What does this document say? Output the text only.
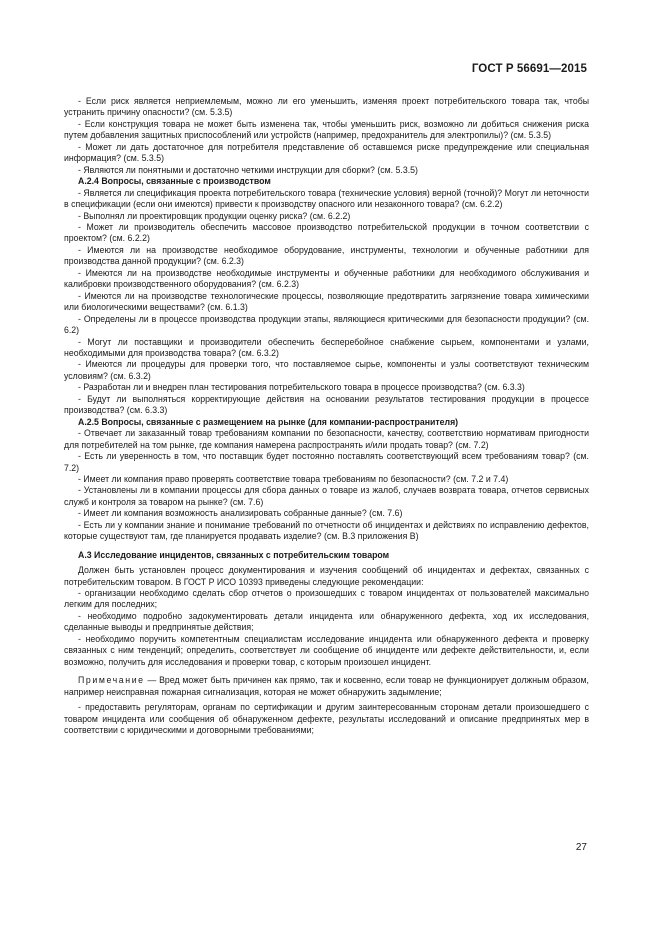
ГОСТ Р 56691—2015

- Если риск является неприемлемым, можно ли его уменьшить, изменяя проект потребительского товара так, чтобы устранить причину опасности? (см. 5.3.5)

- Если конструкция товара не может быть изменена так, чтобы уменьшить риск, возможно ли добиться снижения риска путем добавления защитных приспособлений или устройств (например, предохранитель для электропилы)? (см. 5.3.5)

- Может ли дать достаточное для потребителя представление об оставшемся риске предупреждение или специальная информация? (см. 5.3.5)

- Являются ли понятными и достаточно четкими инструкции для сборки? (см. 5.3.5)

А.2.4 Вопросы, связанные с производством

- Является ли спецификация проекта потребительского товара (технические условия) верной (точной)? Могут ли неточности в спецификации (если они имеются) привести к производству опасного или незаконного товара? (см. 6.2.2)

- Выполнял ли проектировщик продукции оценку риска? (см. 6.2.2)

- Может ли производитель обеспечить массовое производство потребительской продукции в точном соответствии с проектом? (см. 6.2.2)

- Имеются ли на производстве необходимое оборудование, инструменты, технологии и обученные работники для производства данной продукции? (см. 6.2.3)

- Имеются ли на производстве необходимые инструменты и обученные работники для необходимого обслуживания и калибровки производственного оборудования? (см. 6.2.3)

- Имеются ли на производстве технологические процессы, позволяющие предотвратить загрязнение товара химическими или биологическими веществами? (см. 6.1.3)

- Определены ли в процессе производства продукции этапы, являющиеся критическими для безопасности продукции? (см. 6.2)

- Могут ли поставщики и производители обеспечить бесперебойное снабжение сырьем, компонентами и узлами, необходимыми для производства товара? (см. 6.3.2)

- Имеются ли процедуры для проверки того, что поставляемое сырье, компоненты и узлы соответствуют техническим условиям? (см. 6.3.2)

- Разработан ли и внедрен план тестирования потребительского товара в процессе производства? (см. 6.3.3)

- Будут ли выполняться корректирующие действия на основании результатов тестирования продукции в процессе производства? (см. 6.3.3)

А.2.5 Вопросы, связанные с размещением на рынке (для компании-распространителя)

- Отвечает ли заказанный товар требованиям компании по безопасности, качеству, соответствию нормативам пригодности для потребителей на том рынке, где компания намерена распространять и/или продать товар? (см. 7.2)

- Есть ли уверенность в том, что поставщик будет постоянно поставлять соответствующий всем требованиям товар? (см. 7.2)

- Имеет ли компания право проверять соответствие товара требованиям по безопасности? (см. 7.2 и 7.4)

- Установлены ли в компании процессы для сбора данных о товаре из жалоб, случаев возврата товара, отчетов сервисных служб и контроля за товаром на рынке? (см. 7.6)

- Имеет ли компания возможность анализировать собранные данные? (см. 7.6)

- Есть ли у компании знание и понимание требований по отчетности об инцидентах и действиях по исправлению дефектов, которые существуют там, где планируется продавать изделие? (см. В.3 приложения В)

А.3 Исследование инцидентов, связанных с потребительским товаром

Должен быть установлен процесс документирования и изучения сообщений об инцидентах и дефектах, связанных с потребительским товаром. В ГОСТ Р ИСО 10393 приведены следующие рекомендации:

- организации необходимо сделать сбор отчетов о произошедших с товаром инцидентах от пользователей максимально легким для последних;

- необходимо подробно задокументировать детали инцидента или обнаруженного дефекта, ход их исследования, сделанные выводы и предпринятые действия;

- необходимо поручить компетентным специалистам исследование инцидента или обнаруженного дефекта и проверку связанных с ним тенденций; определить, соответствует ли сообщение об инциденте или дефекте действительности, и, если возможно, получить для исследования и проверки товар, с которым произошел инцидент.

Примечание — Вред может быть причинен как прямо, так и косвенно, если товар не функционирует должным образом, например неисправная пожарная сигнализация, которая не может обнаружить задымление;

- предоставить регуляторам, органам по сертификации и другим заинтересованным сторонам детали произошедшего с товаром инцидента или сообщения об обнаруженном дефекте, результаты исследований и описание предпринятых мер в соответствии с юридическими и договорными требованиями;

27
